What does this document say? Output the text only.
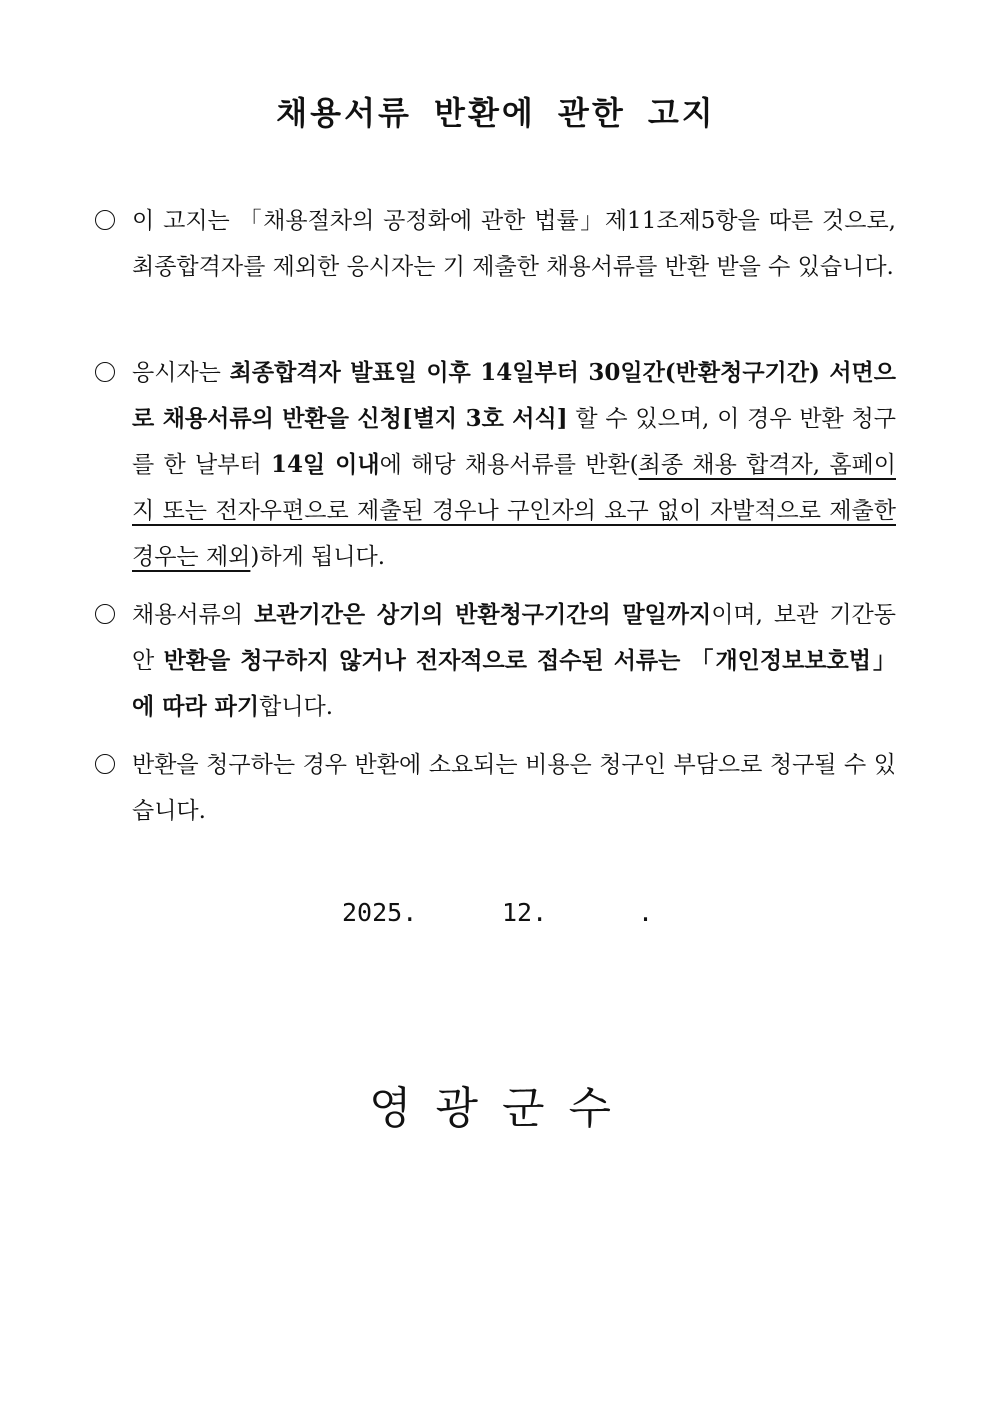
채용서류 반환에 관한 고지
이 고지는 「채용절차의 공정화에 관한 법률」제11조제5항을 따른 것으로, 최종합격자를 제외한 응시자는 기 제출한 채용서류를 반환 받을 수 있습니다.
응시자는 최종합격자 발표일 이후 14일부터 30일간(반환청구기간) 서면으로 채용서류의 반환을 신청[별지 3호 서식] 할 수 있으며, 이 경우 반환 청구를 한 날부터 14일 이내에 해당 채용서류를 반환(최종 채용 합격자, 홈페이지 또는 전자우편으로 제출된 경우나 구인자의 요구 없이 자발적으로 제출한 경우는 제외)하게 됩니다.
채용서류의 보관기간은 상기의 반환청구기간의 말일까지이며, 보관 기간동안 반환을 청구하지 않거나 전자적으로 접수된 서류는 「개인정보보호법」에 따라 파기합니다.
반환을 청구하는 경우 반환에 소요되는 비용은 청구인 부담으로 청구될 수 있습니다.
2025.	12.	.
영광군수
